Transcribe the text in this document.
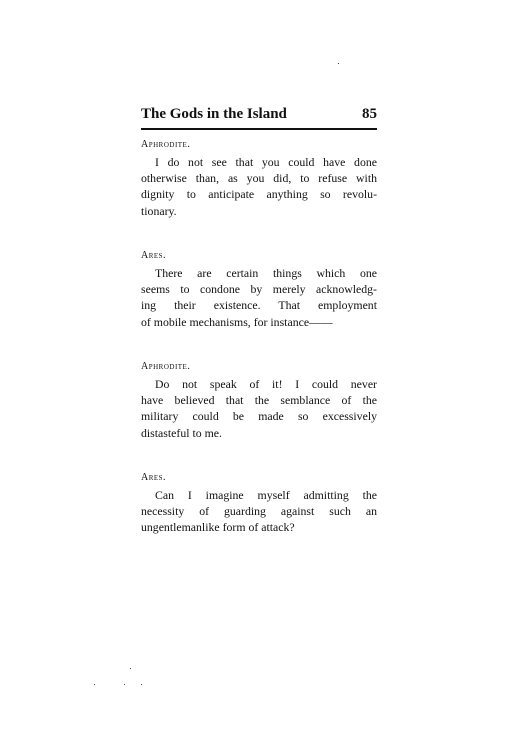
The Gods in the Island	85
Aphrodite.
I do not see that you could have done
otherwise than, as you did, to refuse with
dignity to anticipate anything so revolu-
tionary.
Ares.
There are certain things which one
seems to condone by merely acknowledg-
ing their existence. That employment
of mobile mechanisms, for instance——
Aphrodite.
Do not speak of it! I could never
have believed that the semblance of the
military could be made so excessively
distasteful to me.
Ares.
Can I imagine myself admitting the
necessity of guarding against such an
ungentlemanlike form of attack?
